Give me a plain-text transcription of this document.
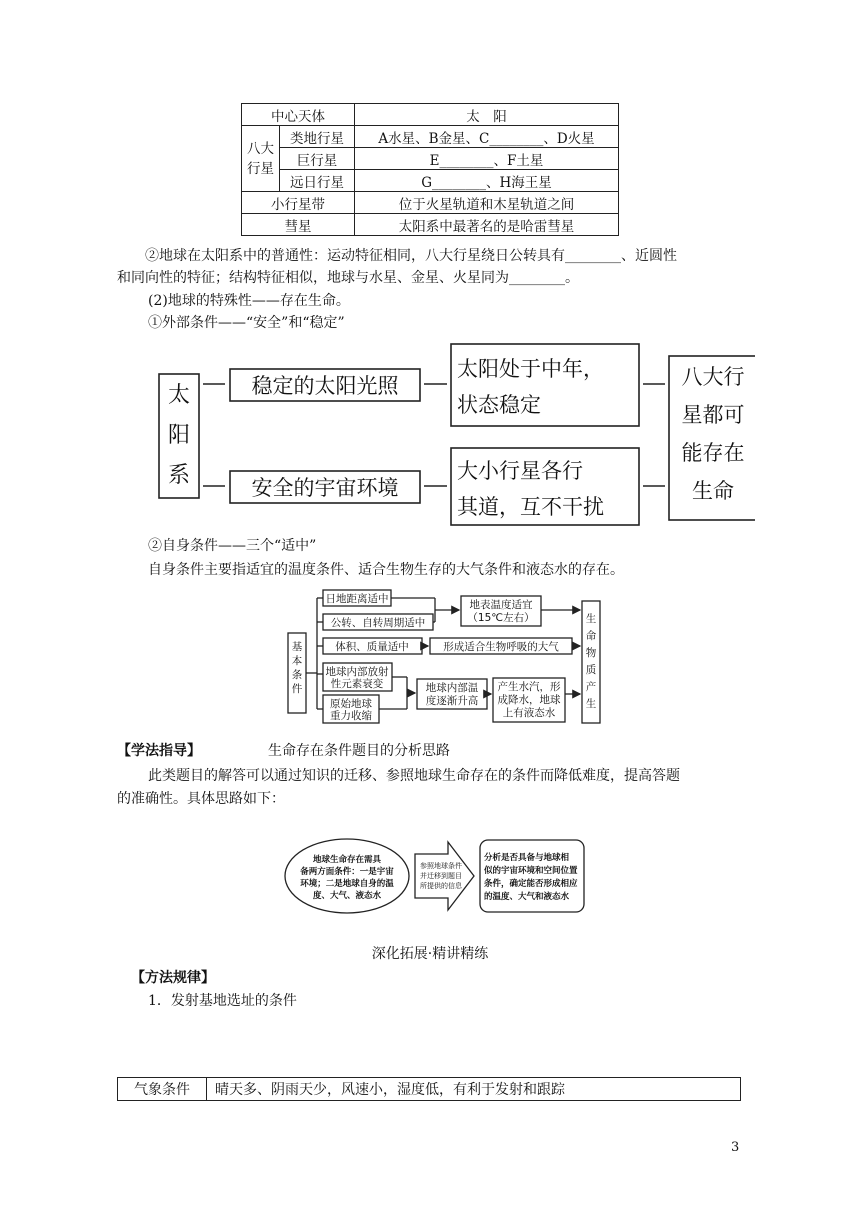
中心天体		太　阳
八大行星	类地行星	A水星、B金星、C________、D火星
	巨行星	E________、F土星
	远日行星	G________、H海王星
小行星带		位于火星轨道和木星轨道之间
彗星		太阳系中最著名的是哈雷彗星
②地球在太阳系中的普通性：运动特征相同，八大行星绕日公转具有________、近圆性
和同向性的特征；结构特征相似，地球与水星、金星、火星同为________。
(2)地球的特殊性——存在生命。
①外部条件——“安全”和“稳定”
太
阳
系
稳定的太阳光照
安全的宇宙环境
太阳处于中年，
状态稳定
大小行星各行
其道，互不干扰
八大行
星都可
能存在
生命
②自身条件——三个“适中”
自身条件主要指适宜的温度条件、适合生物生存的大气条件和液态水的存在。
基
本
条
件
日地距离适中
公转、自转周期适中
体积、质量适中
地球内部放射
性元素衰变
原始地球
重力收缩
地表温度适宜
（15℃左右）
形成适合生物呼吸的大气
地球内部温
度逐渐升高
产生水汽，形
成降水，地球
上有液态水
生
命
物
质
产
生
【学法指导】	生命存在条件题目的分析思路
此类题目的解答可以通过知识的迁移、参照地球生命存在的条件而降低难度，提高答题
的准确性。具体思路如下：
地球生命存在需具
备两方面条件：一是宇宙
环境；二是地球自身的温
度、大气、液态水
参照地球条件
并迁移到题目
所提供的信息
分析是否具备与地球相
似的宇宙环境和空间位置
条件，确定能否形成相应
的温度、大气和液态水
深化拓展·精讲精练
【方法规律】
1．发射基地选址的条件
气象条件	晴天多、阴雨天少，风速小，湿度低，有利于发射和跟踪
3
